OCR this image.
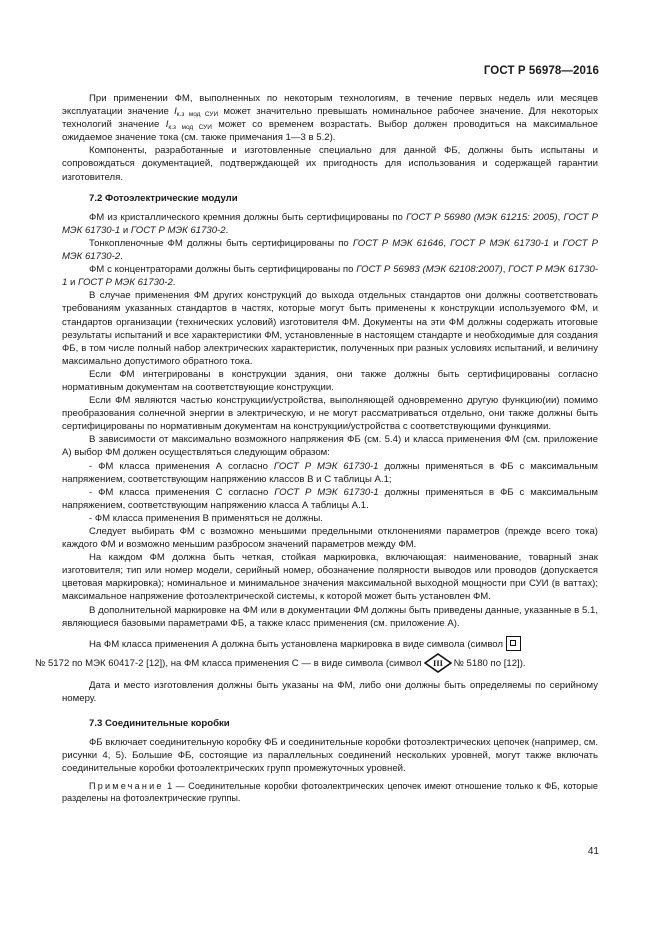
ГОСТ Р 56978—2016

При применении ФМ, выполненных по некоторым технологиям, в течение первых недель или месяцев эксплуатации значение $I_{к.з мод СУИ}$ может значительно превышать номинальное рабочее значение. Для некоторых технологий значение $I_{к.з мод СУИ}$ может со временем возрастать. Выбор должен проводиться на максимальное ожидаемое значение тока (см. также примечания 1—3 в 5.2).

Компоненты, разработанные и изготовленные специально для данной ФБ, должны быть испытаны и сопровождаться документацией, подтверждающей их пригодность для использования и содержащей гарантии изготовителя.

7.2 Фотоэлектрические модули

ФМ из кристаллического кремния должны быть сертифицированы по ГОСТ Р 56980 (МЭК 61215: 2005), ГОСТ Р МЭК 61730-1 и ГОСТ Р МЭК 61730-2.

Тонкопленочные ФМ должны быть сертифицированы по ГОСТ Р МЭК 61646, ГОСТ Р МЭК 61730-1 и ГОСТ Р МЭК 61730-2.

ФМ с концентраторами должны быть сертифицированы по ГОСТ Р 56983 (МЭК 62108:2007), ГОСТ Р МЭК 61730-1 и ГОСТ Р МЭК 61730-2.

В случае применения ФМ других конструкций до выхода отдельных стандартов они должны соответствовать требованиям указанных стандартов в частях, которые могут быть применены к конструкции используемого ФМ, и стандартов организации (технических условий) изготовителя ФМ. Документы на эти ФМ должны содержать итоговые результаты испытаний и все характеристики ФМ, установленные в настоящем стандарте и необходимые для создания ФБ, в том числе полный набор электрических характеристик, полученных при разных условиях испытаний, и величину максимально допустимого обратного тока.

Если ФМ интегрированы в конструкции здания, они также должны быть сертифицированы согласно нормативным документам на соответствующие конструкции.

Если ФМ являются частью конструкции/устройства, выполняющей одновременно другую функцию(ии) помимо преобразования солнечной энергии в электрическую, и не могут рассматриваться отдельно, они также должны быть сертифицированы по нормативным документам на конструкции/устройства с соответствующими функциями.

В зависимости от максимально возможного напряжения ФБ (см. 5.4) и класса применения ФМ (см. приложение А) выбор ФМ должен осуществляться следующим образом:

- ФМ класса применения А согласно ГОСТ Р МЭК 61730-1 должны применяться в ФБ с максимальным напряжением, соответствующим напряжению классов В и С таблицы А.1;

- ФМ класса применения С согласно ГОСТ Р МЭК 61730-1 должны применяться в ФБ с максимальным напряжением, соответствующим напряжению класса А таблицы А.1.

- ФМ класса применения В применяться не должны.

Следует выбирать ФМ с возможно меньшими предельными отклонениями параметров (прежде всего тока) каждого ФМ и возможно меньшим разбросом значений параметров между ФМ.

На каждом ФМ должна быть четкая, стойкая маркировка, включающая: наименование, товарный знак изготовителя; тип или номер модели, серийный номер, обозначение полярности выводов или проводов (допускается цветовая маркировка); номинальное и минимальное значения максимальной выходной мощности при СУИ (в ваттах); максимальное напряжение фотоэлектрической системы, к которой может быть установлен ФМ.

В дополнительной маркировке на ФМ или в документации ФМ должны быть приведены данные, указанные в 5.1, являющиеся базовыми параметрами ФБ, а также класс применения (см. приложение А).

На ФМ класса применения А должна быть установлена маркировка в виде символа (символ

№ 5172 по МЭК 60417-2 [12]), на ФМ класса применения С — в виде символа (символ III № 5180 по [12]).

Дата и место изготовления должны быть указаны на ФМ, либо они должны быть определяемы по серийному номеру.

7.3 Соединительные коробки

ФБ включает соединительную коробку ФБ и соединительные коробки фотоэлектрических цепочек (например, см. рисунки 4, 5). Большие ФБ, состоящие из параллельных соединений нескольких уровней, могут также включать соединительные коробки фотоэлектрических групп промежуточных уровней.

Примечание 1 — Соединительные коробки фотоэлектрических цепочек имеют отношение только к ФБ, которые разделены на фотоэлектрические группы.

41
